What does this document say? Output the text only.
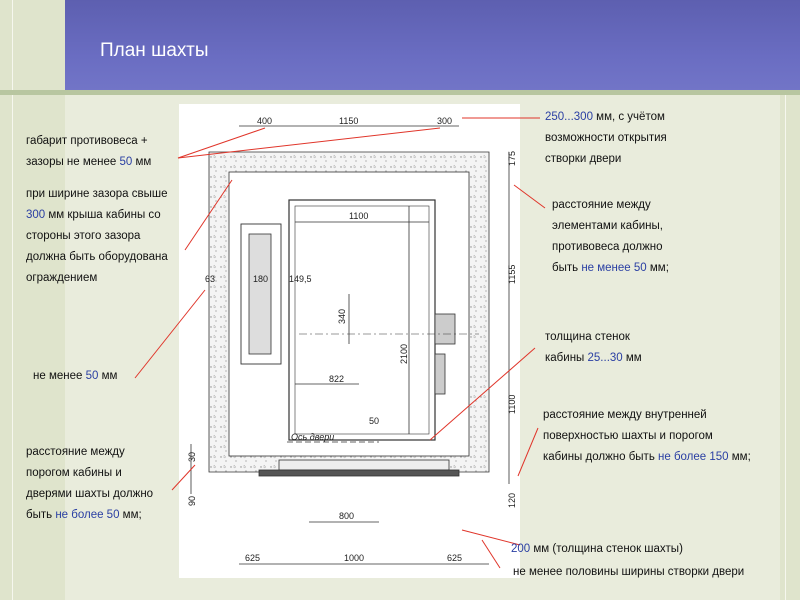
План шахты
400	1150	300
625	1000	625
175
1155
1100
120
30
90
1100
180 149,5
63
340
2100
822
50
800
Ось двери
габарит противовеса +
зазоры не менее 50 мм
при ширине зазора свыше
300 мм крыша кабины со
стороны этого зазора
должна быть оборудована
ограждением
не менее 50 мм
расстояние между
порогом кабины и
дверями шахты должно
быть не более 50 мм;
250...300 мм, с учётом
возможности открытия
створки двери
расстояние между
элементами кабины,
противовеса должно
быть не менее 50 мм;
толщина стенок
кабины 25...30 мм
расстояние между внутренней
поверхностью шахты и порогом
кабины должно быть не более 150 мм;
200 мм (толщина стенок шахты)
не менее половины ширины створки двери
